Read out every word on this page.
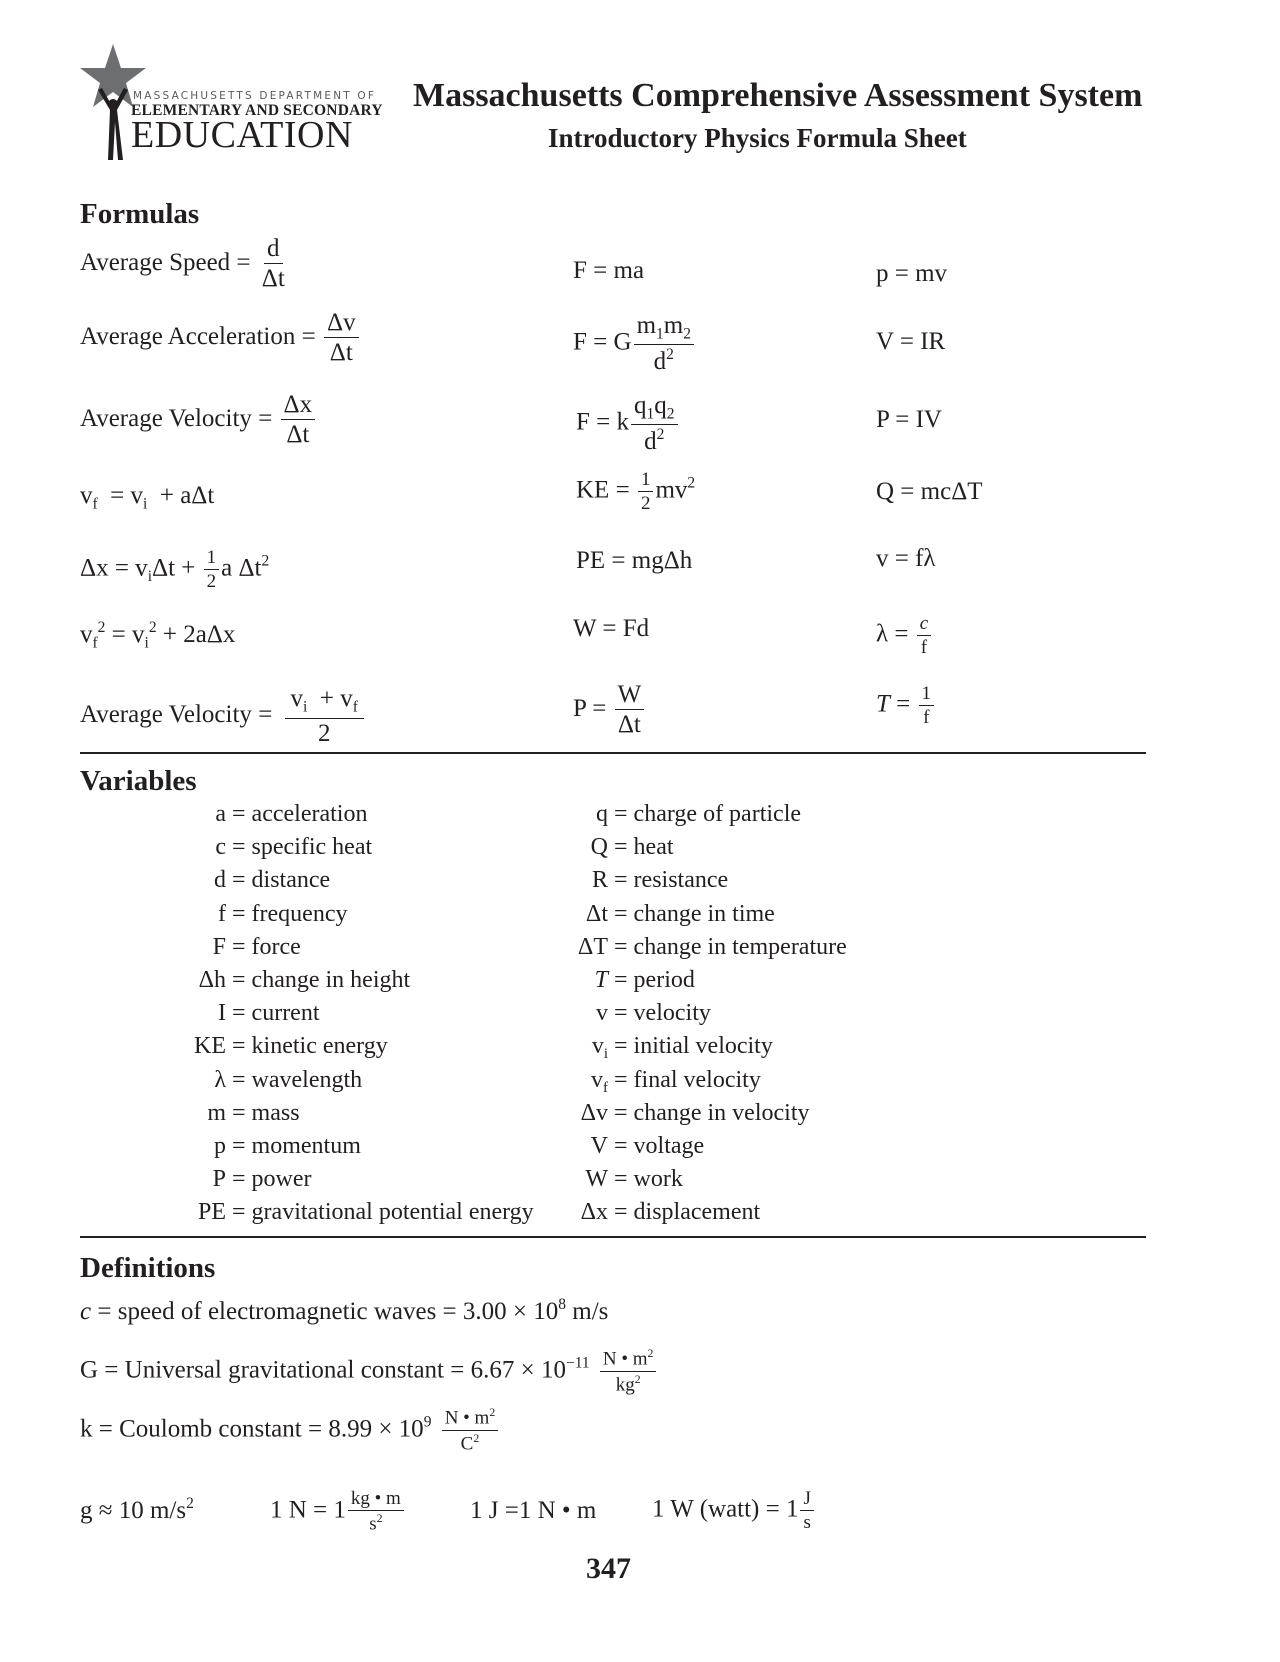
MASSACHUSETTS DEPARTMENT OF
ELEMENTARY AND SECONDARY
EDUCATION
Massachusetts Comprehensive Assessment System
Introductory Physics Formula Sheet
Formulas
Average Speed = $\frac{d}{\Delta t}$
Average Acceleration = $\frac{\Delta v}{\Delta t}$
Average Velocity = $\frac{\Delta x}{\Delta t}$
$v_f = v_i + a\Delta t$
$\Delta x = v_i\Delta t + \frac{1}{2}$ a $\Delta t^2$
$v_f^2 = v_i^2 + 2a\Delta x$
Average Velocity = $\frac{v_i + v_f}{2}$
F = ma
F = G $\frac{m_1m_2}{d^2}$
F = k $\frac{q_1q_2}{d^2}$
KE = $\frac{1}{2} mv^2$
PE = mgΔh
W = Fd
$P = \frac{W}{\Delta t}$
p = mv
V = IR
P = IV
Q = mcΔT
v = fλ
$\lambda = \frac{c}{f}$
$T = \frac{1}{f}$
Variables
a = acceleration
c = specific heat
d = distance
f = frequency
F = force
Δh = change in height
I = current
KE = kinetic energy
λ = wavelength
m = mass
p = momentum
P = power
PE = gravitational potential energy
q = charge of particle
Q = heat
R = resistance
Δt = change in time
ΔT = change in temperature
T = period
v = velocity
$v_i$ = initial velocity
$v_f$ = final velocity
Δv = change in velocity
V = voltage
W = work
Δx = displacement
Definitions
c = speed of electromagnetic waves = $3.00 \times 10^8$ m/s
G = Universal gravitational constant = $6.67 \times 10^{-11} \frac{N • m^2}{kg^2}$
k = Coulomb constant = $8.99 \times 10^9 \frac{N • m^2}{C^2}$
g ≈ 10 $m/s^2$	1 $N = 1 \frac{kg • m}{s^2}$	1 J =1 N • m 1 W (watt) = $1 \frac{J}{s}$
347
